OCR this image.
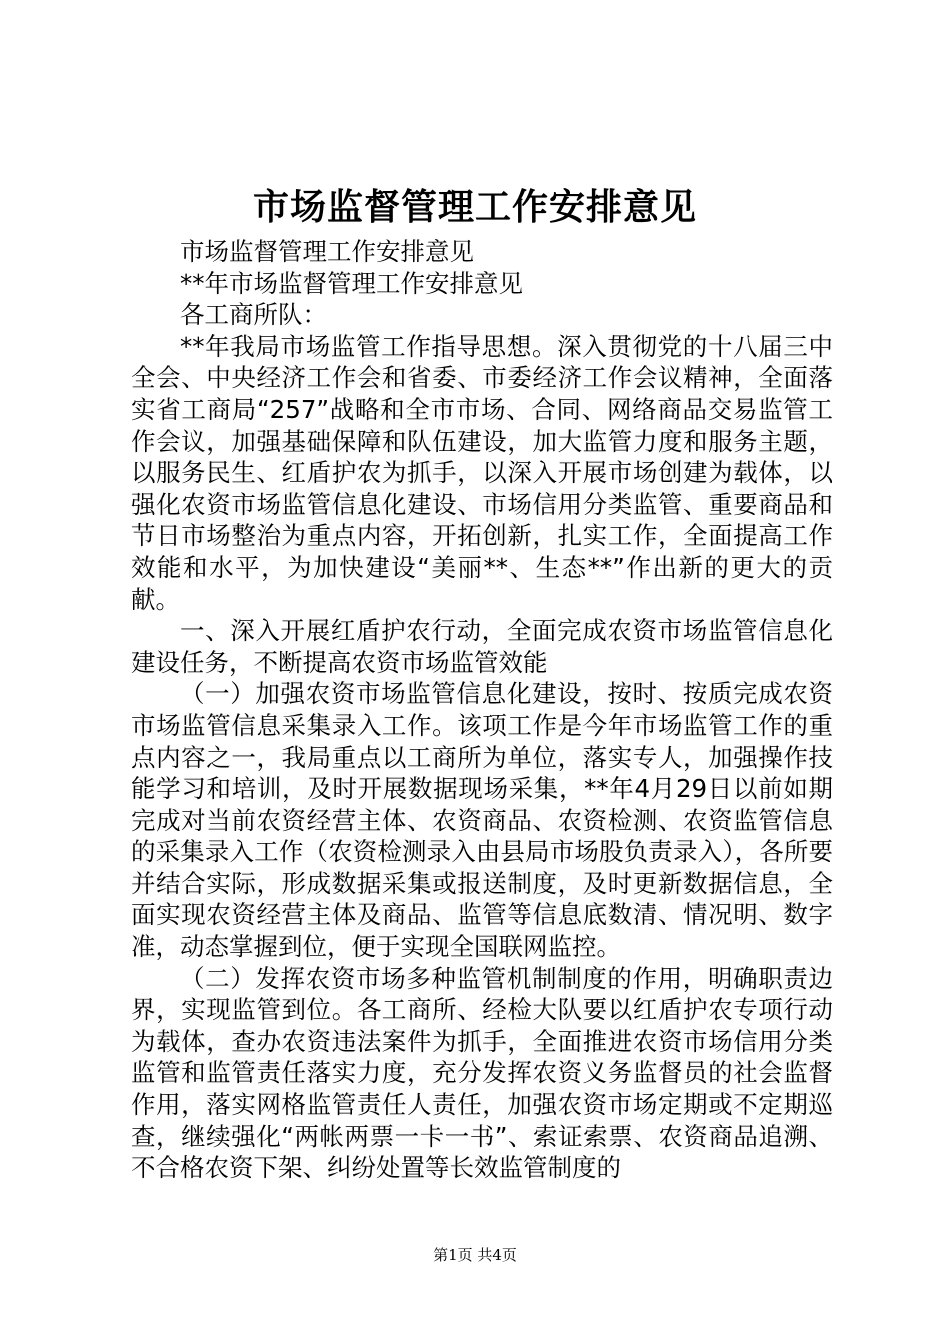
市场监督管理工作安排意见

市场监督管理工作安排意见

**年市场监督管理工作安排意见

各工商所队：

**年我局市场监管工作指导思想。深入贯彻党的十八届三中全会、中央经济工作会和省委、市委经济工作会议精神，全面落实省工商局“257”战略和全市市场、合同、网络商品交易监管工作会议，加强基础保障和队伍建设，加大监管力度和服务主题，以服务民生、红盾护农为抓手，以深入开展市场创建为载体，以强化农资市场监管信息化建设、市场信用分类监管、重要商品和节日市场整治为重点内容，开拓创新，扎实工作，全面提高工作效能和水平，为加快建设“美丽**、生态**”作出新的更大的贡献。

一、深入开展红盾护农行动，全面完成农资市场监管信息化建设任务，不断提高农资市场监管效能

（一）加强农资市场监管信息化建设，按时、按质完成农资市场监管信息采集录入工作。该项工作是今年市场监管工作的重点内容之一，我局重点以工商所为单位，落实专人，加强操作技能学习和培训，及时开展数据现场采集，**年4月29日以前如期完成对当前农资经营主体、农资商品、农资检测、农资监管信息的采集录入工作（农资检测录入由县局市场股负责录入），各所要并结合实际，形成数据采集或报送制度，及时更新数据信息，全面实现农资经营主体及商品、监管等信息底数清、情况明、数字准，动态掌握到位，便于实现全国联网监控。

（二）发挥农资市场多种监管机制制度的作用，明确职责边界，实现监管到位。各工商所、经检大队要以红盾护农专项行动为载体，查办农资违法案件为抓手，全面推进农资市场信用分类监管和监管责任落实力度，充分发挥农资义务监督员的社会监督作用，落实网格监管责任人责任，加强农资市场定期或不定期巡查，继续强化“两帐两票一卡一书”、索证索票、农资商品追溯、不合格农资下架、纠纷处置等长效监管制度的

第1页 共4页
